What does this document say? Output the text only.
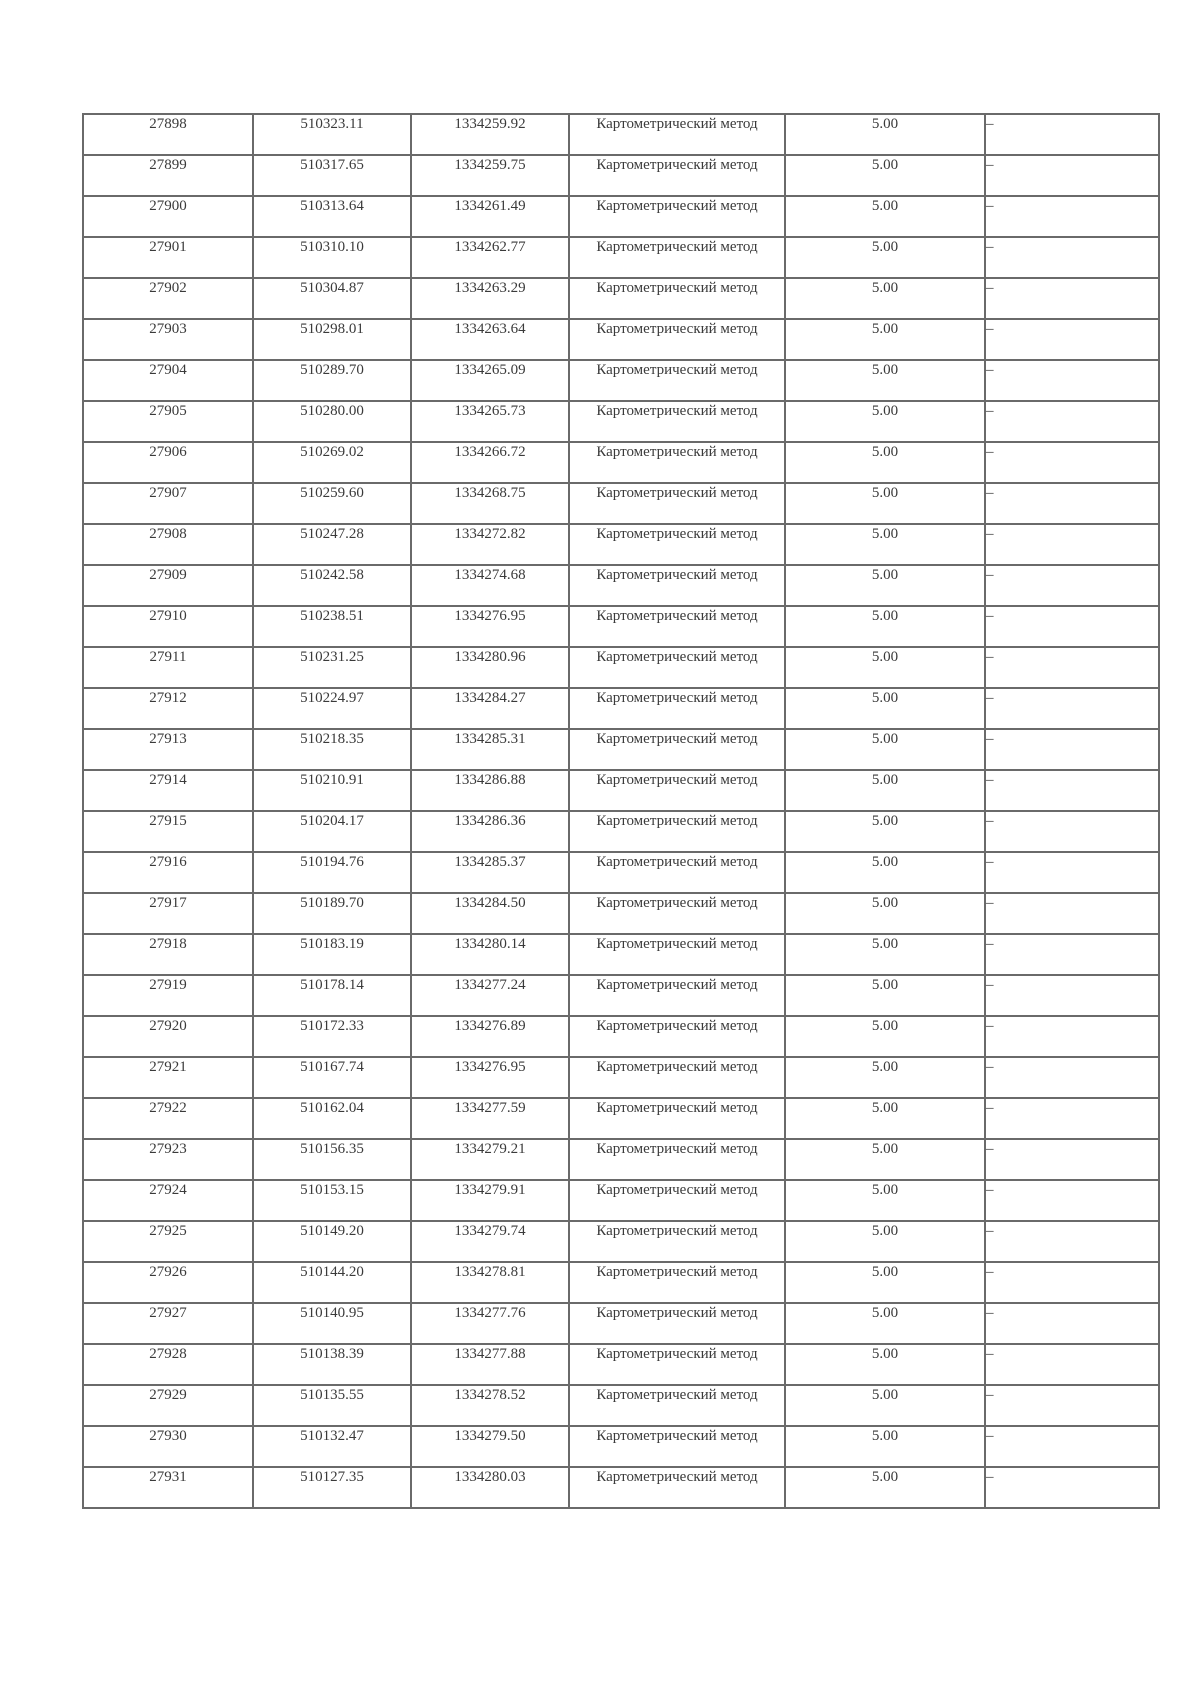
27898	510323.11	1334259.92	Картометрический метод	5.00	–
27899	510317.65	1334259.75	Картометрический метод	5.00	–
27900	510313.64	1334261.49	Картометрический метод	5.00	–
27901	510310.10	1334262.77	Картометрический метод	5.00	–
27902	510304.87	1334263.29	Картометрический метод	5.00	–
27903	510298.01	1334263.64	Картометрический метод	5.00	–
27904	510289.70	1334265.09	Картометрический метод	5.00	–
27905	510280.00	1334265.73	Картометрический метод	5.00	–
27906	510269.02	1334266.72	Картометрический метод	5.00	–
27907	510259.60	1334268.75	Картометрический метод	5.00	–
27908	510247.28	1334272.82	Картометрический метод	5.00	–
27909	510242.58	1334274.68	Картометрический метод	5.00	–
27910	510238.51	1334276.95	Картометрический метод	5.00	–
27911	510231.25	1334280.96	Картометрический метод	5.00	–
27912	510224.97	1334284.27	Картометрический метод	5.00	–
27913	510218.35	1334285.31	Картометрический метод	5.00	–
27914	510210.91	1334286.88	Картометрический метод	5.00	–
27915	510204.17	1334286.36	Картометрический метод	5.00	–
27916	510194.76	1334285.37	Картометрический метод	5.00	–
27917	510189.70	1334284.50	Картометрический метод	5.00	–
27918	510183.19	1334280.14	Картометрический метод	5.00	–
27919	510178.14	1334277.24	Картометрический метод	5.00	–
27920	510172.33	1334276.89	Картометрический метод	5.00	–
27921	510167.74	1334276.95	Картометрический метод	5.00	–
27922	510162.04	1334277.59	Картометрический метод	5.00	–
27923	510156.35	1334279.21	Картометрический метод	5.00	–
27924	510153.15	1334279.91	Картометрический метод	5.00	–
27925	510149.20	1334279.74	Картометрический метод	5.00	–
27926	510144.20	1334278.81	Картометрический метод	5.00	–
27927	510140.95	1334277.76	Картометрический метод	5.00	–
27928	510138.39	1334277.88	Картометрический метод	5.00	–
27929	510135.55	1334278.52	Картометрический метод	5.00	–
27930	510132.47	1334279.50	Картометрический метод	5.00	–
27931	510127.35	1334280.03	Картометрический метод	5.00	–
